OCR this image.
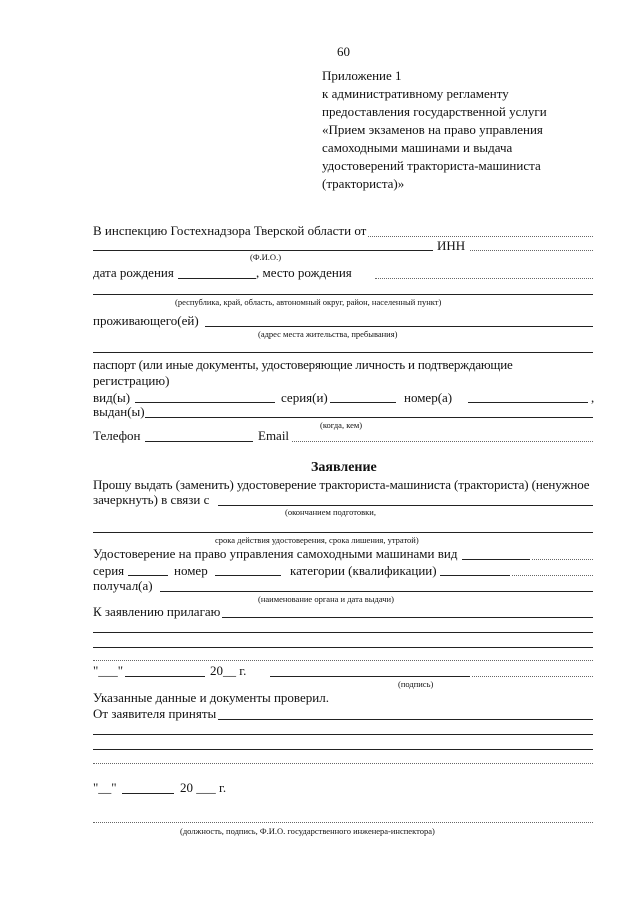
60
Приложение 1
к административному регламенту
предоставления государственной услуги
«Прием экзаменов на право управления
самоходными машинами и выдача
удостоверений тракториста-машиниста
(тракториста)»
В инспекцию Гостехнадзора Тверской области от
ИНН
(Ф.И.О.)
дата рождения	, место рождения
(республика, край, область, автономный округ, район, населенный пункт)
проживающего(ей)
(адрес места жительства, пребывания)
паспорт (или иные документы, удостоверяющие личность и подтверждающие
регистрацию)
вид(ы)	серия(и)	номер(а)	,
выдан(ы)
(когда, кем)
Телефон	Email
Заявление
Прошу выдать (заменить) удостоверение тракториста-машиниста (тракториста) (ненужное
зачеркнуть) в связи с
(окончанием подготовки,
срока действия удостоверения, срока лишения, утратой)
Удостоверение на право управления самоходными машинами вид
серия	номер	категории (квалификации)
получал(а)
(наименование органа и дата выдачи)
К заявлению прилагаю
"___"	20__ г.
(подпись)
Указанные данные и документы проверил.
От заявителя приняты
"__"	20 ___ г.
(должность, подпись, Ф.И.О. государственного инженера-инспектора)
